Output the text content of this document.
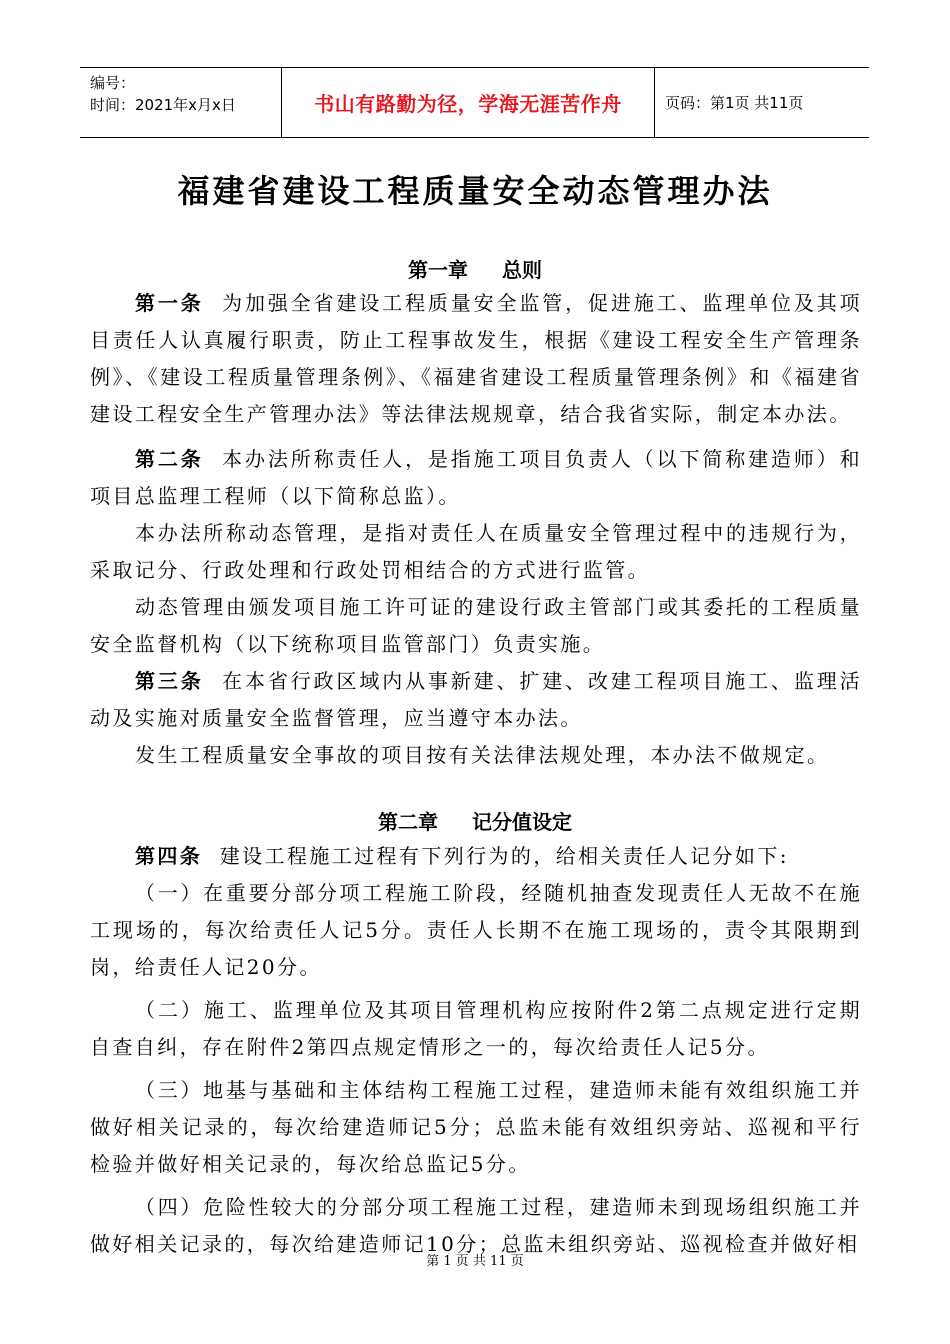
编号：
时间：2021年x月x日	书山有路勤为径，学海无涯苦作舟	页码：第1页 共11页
福建省建设工程质量安全动态管理办法
第一章 总则

第一条 为加强全省建设工程质量安全监管，促进施工、监理单位及其项目责任人认真履行职责，防止工程事故发生，根据《建设工程安全生产管理条例》、《建设工程质量管理条例》、《福建省建设工程质量管理条例》和《福建省建设工程安全生产管理办法》等法律法规规章，结合我省实际，制定本办法。

第二条 本办法所称责任人，是指施工项目负责人（以下简称建造师）和项目总监理工程师（以下简称总监）。

本办法所称动态管理，是指对责任人在质量安全管理过程中的违规行为，采取记分、行政处理和行政处罚相结合的方式进行监管。

动态管理由颁发项目施工许可证的建设行政主管部门或其委托的工程质量安全监督机构（以下统称项目监管部门）负责实施。

第三条 在本省行政区域内从事新建、扩建、改建工程项目施工、监理活动及实施对质量安全监督管理，应当遵守本办法。

发生工程质量安全事故的项目按有关法律法规处理，本办法不做规定。

第二章 记分值设定

第四条 建设工程施工过程有下列行为的，给相关责任人记分如下:

（一）在重要分部分项工程施工阶段，经随机抽查发现责任人无故不在施工现场的，每次给责任人记5分。责任人长期不在施工现场的，责令其限期到岗，给责任人记20分。

（二）施工、监理单位及其项目管理机构应按附件2第二点规定进行定期自查自纠，存在附件2第四点规定情形之一的，每次给责任人记5分。

（三）地基与基础和主体结构工程施工过程，建造师未能有效组织施工并做好相关记录的，每次给建造师记5分；总监未能有效组织旁站、巡视和平行检验并做好相关记录的，每次给总监记5分。

（四）危险性较大的分部分项工程施工过程，建造师未到现场组织施工并做好相关记录的，每次给建造师记10分；总监未组织旁站、巡视检查并做好相

第 1 页 共 11 页
